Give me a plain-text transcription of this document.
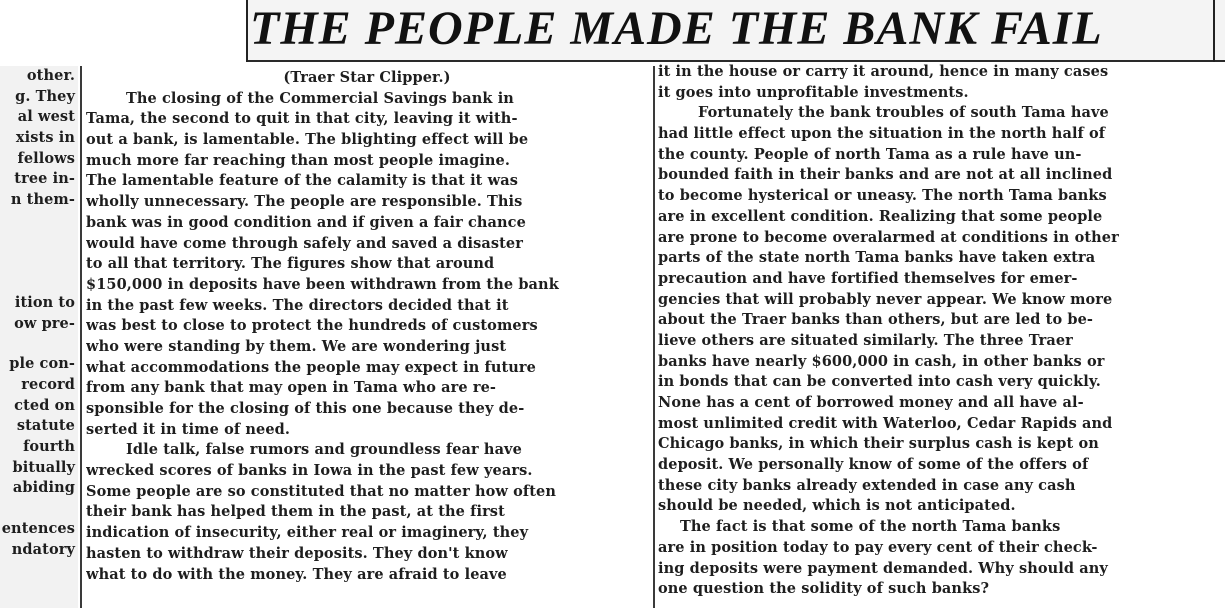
THE PEOPLE MADE THE BANK FAIL
other.
g. They
al west
xists in
fellows
tree in-
n them-
ition to
ow pre-
ple con-
record
cted on
statute
fourth
bitually
abiding
entences
ndatory
(Traer Star Clipper.)
The closing of the Commercial Savings bank in
Tama, the second to quit in that city, leaving it with-
out a bank, is lamentable. The blighting effect will be
much more far reaching than most people imagine.
The lamentable feature of the calamity is that it was
wholly unnecessary. The people are responsible. This
bank was in good condition and if given a fair chance
would have come through safely and saved a disaster
to all that territory. The figures show that around
$150,000 in deposits have been withdrawn from the bank
in the past few weeks. The directors decided that it
was best to close to protect the hundreds of customers
who were standing by them. We are wondering just
what accommodations the people may expect in future
from any bank that may open in Tama who are re-
sponsible for the closing of this one because they de-
serted it in time of need.
Idle talk, false rumors and groundless fear have
wrecked scores of banks in Iowa in the past few years.
Some people are so constituted that no matter how often
their bank has helped them in the past, at the first
indication of insecurity, either real or imaginery, they
hasten to withdraw their deposits. They don't know
what to do with the money. They are afraid to leave
it in the house or carry it around, hence in many cases
it goes into unprofitable investments.
Fortunately the bank troubles of south Tama have
had little effect upon the situation in the north half of
the county. People of north Tama as a rule have un-
bounded faith in their banks and are not at all inclined
to become hysterical or uneasy. The north Tama banks
are in excellent condition. Realizing that some people
are prone to become overalarmed at conditions in other
parts of the state north Tama banks have taken extra
precaution and have fortified themselves for emer-
gencies that will probably never appear. We know more
about the Traer banks than others, but are led to be-
lieve others are situated similarly. The three Traer
banks have nearly $600,000 in cash, in other banks or
in bonds that can be converted into cash very quickly.
None has a cent of borrowed money and all have al-
most unlimited credit with Waterloo, Cedar Rapids and
Chicago banks, in which their surplus cash is kept on
deposit. We personally know of some of the offers of
these city banks already extended in case any cash
should be needed, which is not anticipated.
The fact is that some of the north Tama banks
are in position today to pay every cent of their check-
ing deposits were payment demanded. Why should any
one question the solidity of such banks?
